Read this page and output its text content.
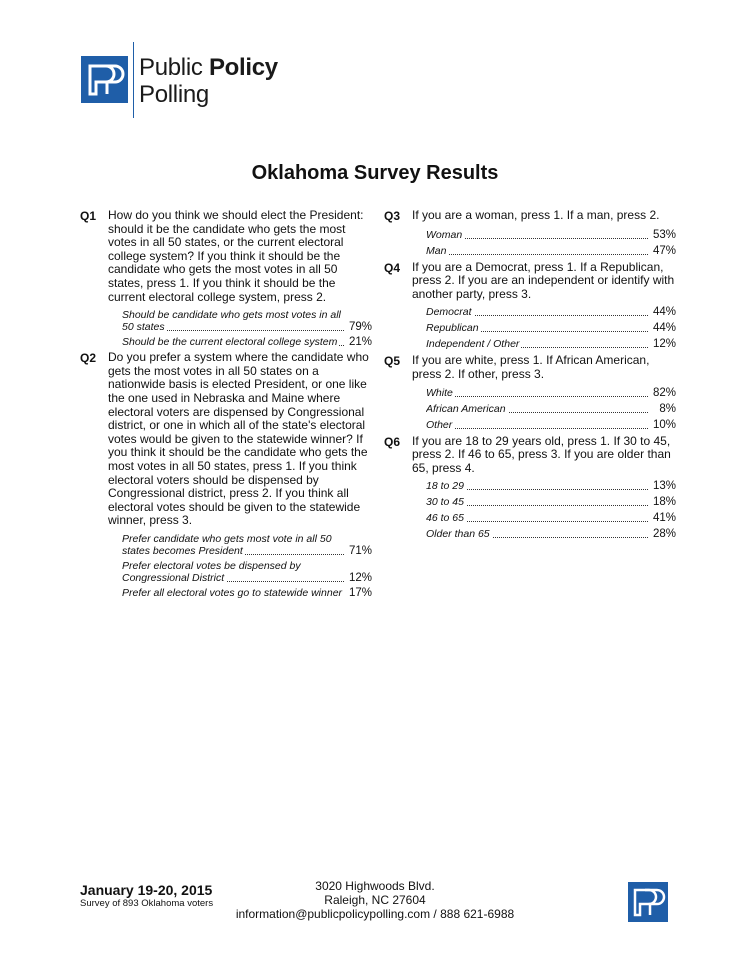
Public Policy
Polling
Oklahoma Survey Results
Q1 How do you think we should elect the President: should it be the candidate who gets the most votes in all 50 states, or the current electoral college system? If you think it should be the candidate who gets the most votes in all 50 states, press 1. If you think it should be the current electoral college system, press 2.
Should be candidate who gets most votes in all 50 states	79%
Should be the current electoral college system	21%
Q2 Do you prefer a system where the candidate who gets the most votes in all 50 states on a nationwide basis is elected President, or one like the one used in Nebraska and Maine where electoral voters are dispensed by Congressional district, or one in which all of the state's electoral votes would be given to the statewide winner? If you think it should be the candidate who gets the most votes in all 50 states, press 1. If you think electoral voters should be dispensed by Congressional district, press 2. If you think all electoral votes should be given to the statewide winner, press 3.
Prefer candidate who gets most vote in all 50 states becomes President	71%
Prefer electoral votes be dispensed by Congressional District	12%
Prefer all electoral votes go to statewide winner 17%
Q3 If you are a woman, press 1. If a man, press 2.
Woman	53%
Man	47%
Q4 If you are a Democrat, press 1. If a Republican, press 2. If you are an independent or identify with another party, press 3.
Democrat	44%
Republican	44%
Independent / Other	12%
Q5 If you are white, press 1. If African American, press 2. If other, press 3.
White	82%
African American	8%
Other	10%
Q6 If you are 18 to 29 years old, press 1. If 30 to 45, press 2. If 46 to 65, press 3. If you are older than 65, press 4.
18 to 29	13%
30 to 45	18%
46 to 65	41%
Older than 65	28%
January 19-20, 2015
Survey of 893 Oklahoma voters
3020 Highwoods Blvd.
Raleigh, NC 27604
information@publicpolicypolling.com / 888 621-6988
